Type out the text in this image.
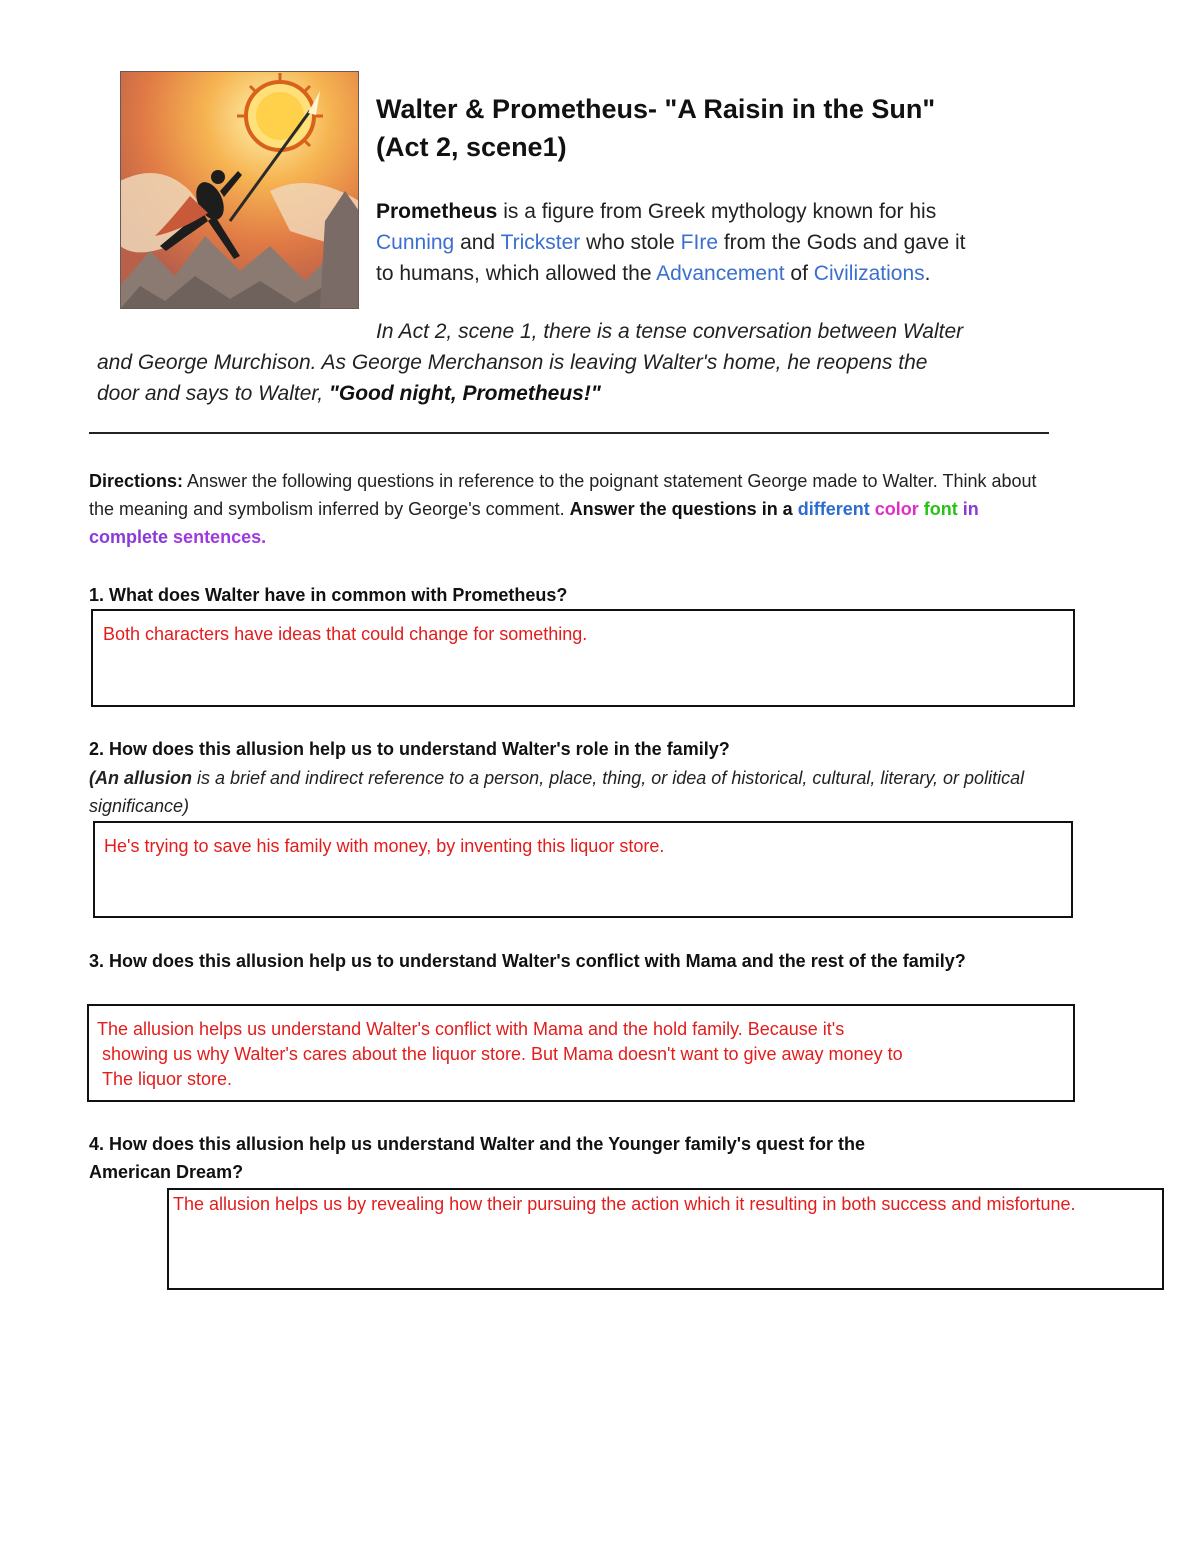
Walter & Prometheus- "A Raisin in the Sun"
(Act 2, scene1)
Prometheus is a figure from Greek mythology known for his
Cunning and Trickster who stole FIre from the Gods and gave it
to humans, which allowed the Advancement of Civilizations.
In Act 2, scene 1, there is a tense conversation between Walter
and George Murchison. As George Merchanson is leaving Walter's home, he reopens the
door and says to Walter, "Good night, Prometheus!"
Directions: Answer the following questions in reference to the poignant statement George made to Walter. Think about the meaning and symbolism inferred by George's comment. Answer the questions in a different color font in complete sentences.
1. What does Walter have in common with Prometheus?
Both characters have ideas that could change for something.
2. How does this allusion help us to understand Walter's role in the family?
(An allusion is a brief and indirect reference to a person, place, thing, or idea of historical, cultural, literary, or political significance)
He's trying to save his family with money, by inventing this liquor store.
3. How does this allusion help us to understand Walter's conflict with Mama and the rest of the family?
The allusion helps us understand Walter's conflict with Mama and the hold family. Because it's
showing us why Walter's cares about the liquor store. But Mama doesn't want to give away money to
The liquor store.
4. How does this allusion help us understand Walter and the Younger family's quest for the
American Dream?
The allusion helps us by revealing how their pursuing the action which it resulting in both success and misfortune.
